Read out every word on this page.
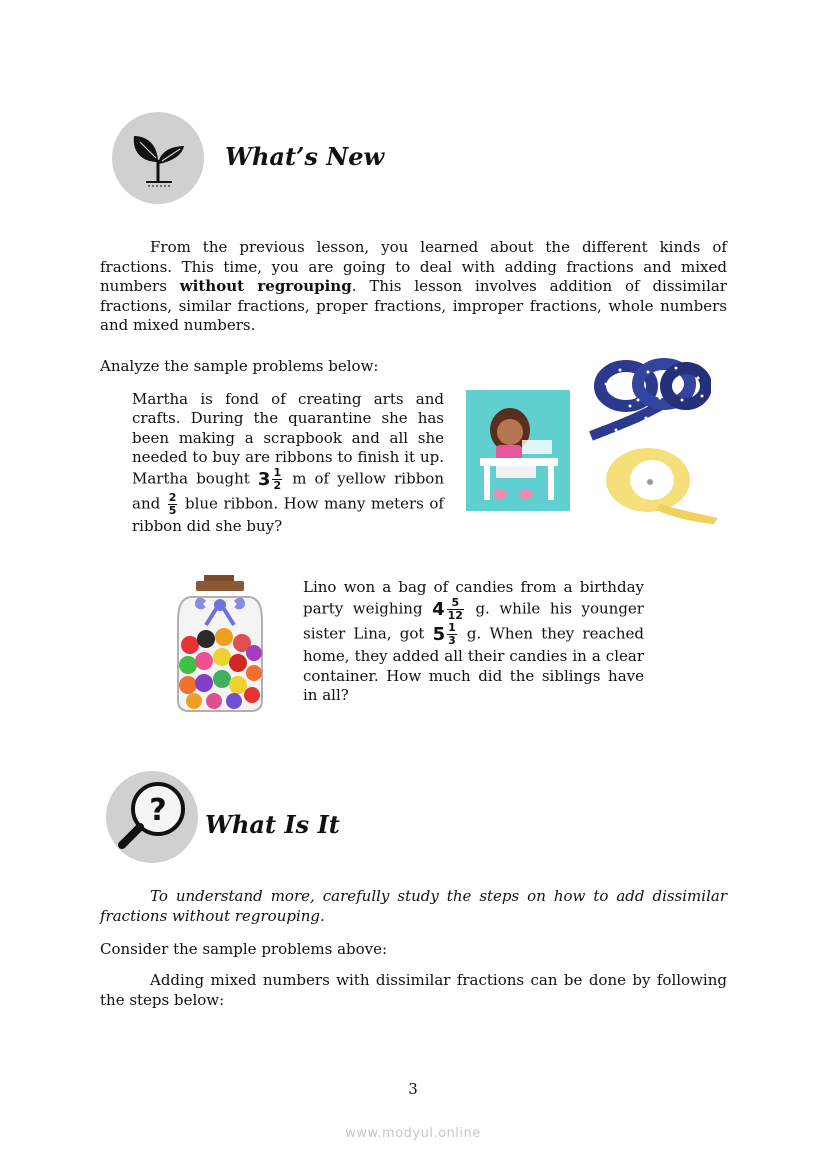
What’s New
From the previous lesson, you learned about the different kinds of fractions. This time, you are going to deal with adding fractions and mixed numbers without regrouping. This lesson involves addition of dissimilar fractions, similar fractions, proper fractions, improper fractions, whole numbers and mixed numbers.
Analyze the sample problems below:
Martha is fond of creating arts and crafts. During the quarantine she has been making a scrapbook and all she needed to buy are ribbons to finish it up. Martha bought $3 \frac{1}{2}$ m of yellow ribbon and $\frac{2}{5}$ blue ribbon. How many meters of ribbon did she buy?
Lino won a bag of candies from a birthday party weighing $4 \frac{5}{12} g$. while his younger sister Lina, got $5 \frac{1}{3} g$. When they reached home, they added all their candies in a clear container. How much did the siblings have in all?
? What Is It
To understand more, carefully study the steps on how to add dissimilar fractions without regrouping.
Consider the sample problems above:
Adding mixed numbers with dissimilar fractions can be done by following the steps below:
3
www.modyul.online
